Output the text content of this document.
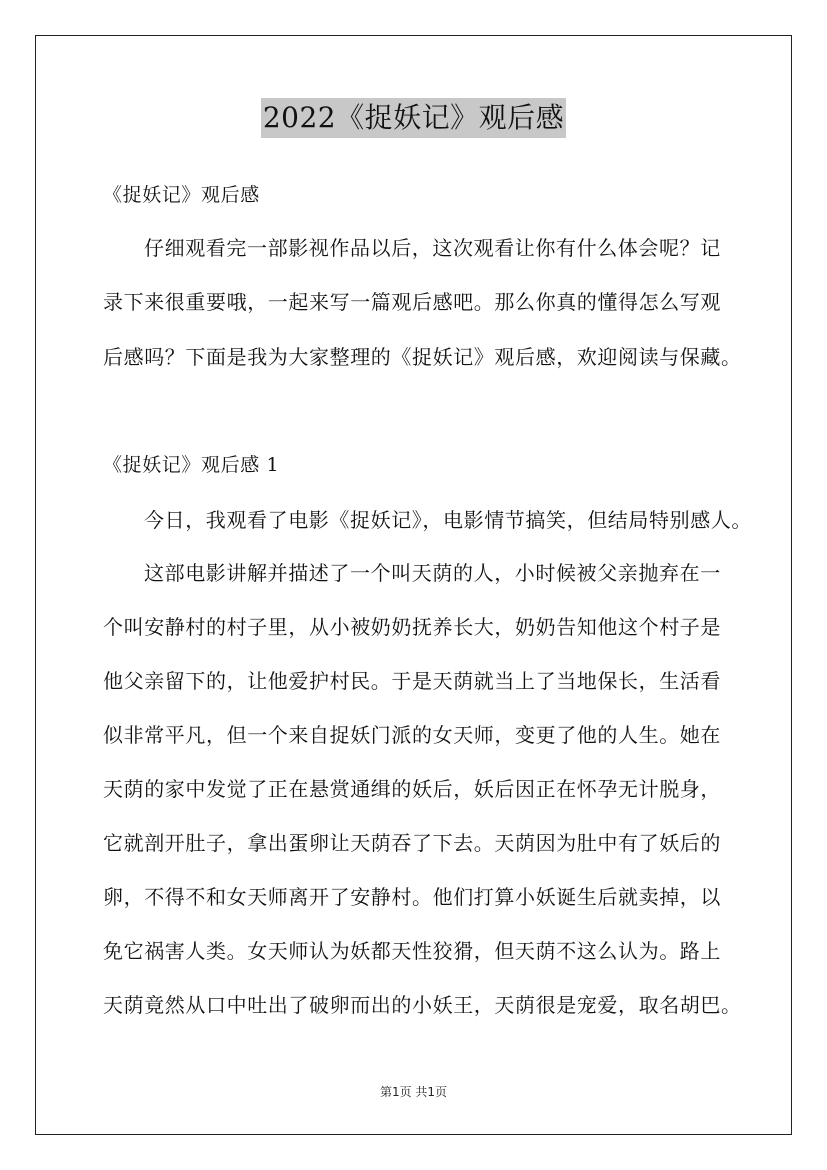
2022《捉妖记》观后感
《捉妖记》观后感
仔细观看完一部影视作品以后，这次观看让你有什么体会呢？记
录下来很重要哦，一起来写一篇观后感吧。那么你真的懂得怎么写观
后感吗？下面是我为大家整理的《捉妖记》观后感，欢迎阅读与保藏。
《捉妖记》观后感 1
今日，我观看了电影《捉妖记》，电影情节搞笑，但结局特别感人。
这部电影讲解并描述了一个叫天荫的人，小时候被父亲抛弃在一
个叫安静村的村子里，从小被奶奶抚养长大，奶奶告知他这个村子是
他父亲留下的，让他爱护村民。于是天荫就当上了当地保长，生活看
似非常平凡，但一个来自捉妖门派的女天师，变更了他的人生。她在
天荫的家中发觉了正在悬赏通缉的妖后，妖后因正在怀孕无计脱身，
它就剖开肚子，拿出蛋卵让天荫吞了下去。天荫因为肚中有了妖后的
卵，不得不和女天师离开了安静村。他们打算小妖诞生后就卖掉，以
免它祸害人类。女天师认为妖都天性狡猾，但天荫不这么认为。路上
天荫竟然从口中吐出了破卵而出的小妖王，天荫很是宠爱，取名胡巴。
第1页 共1页
